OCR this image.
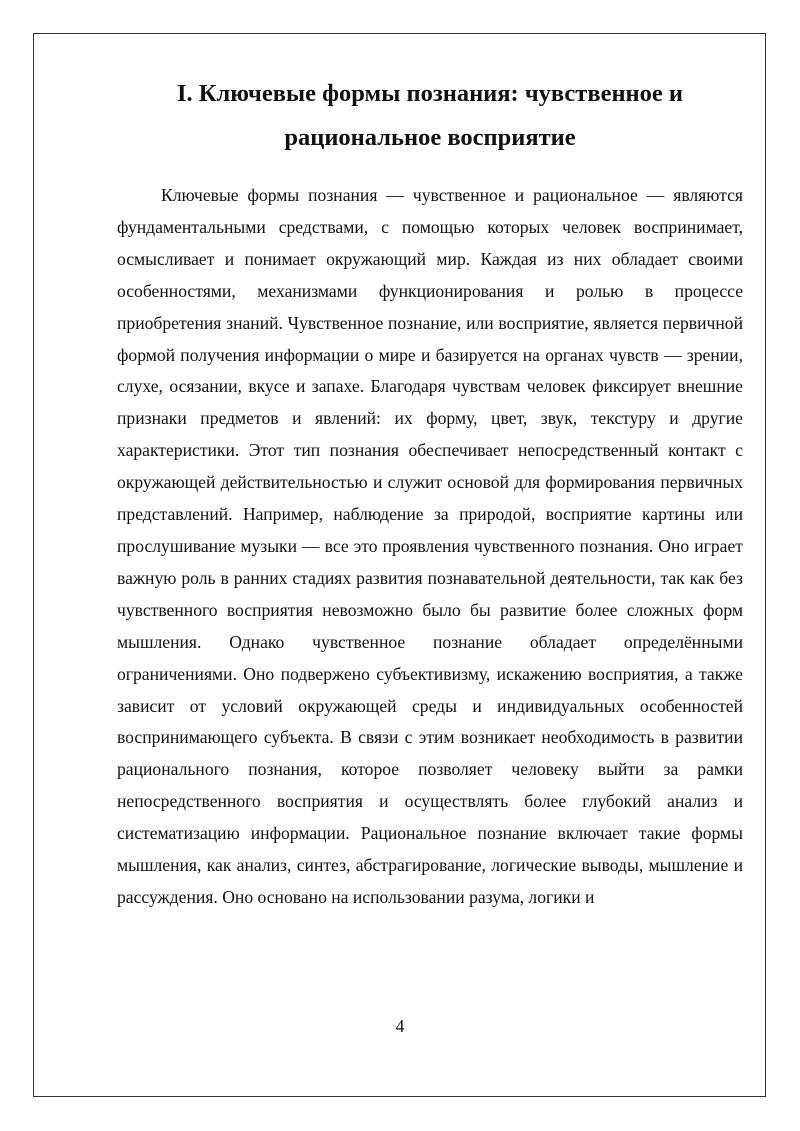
I. Ключевые формы познания: чувственное и
рациональное восприятие

Ключевые формы познания — чувственное и рациональное — являются фундаментальными средствами, с помощью которых человек воспринимает, осмысливает и понимает окружающий мир. Каждая из них обладает своими особенностями, механизмами функционирования и ролью в процессе приобретения знаний. Чувственное познание, или восприятие, является первичной формой получения информации о мире и базируется на органах чувств — зрении, слухе, осязании, вкусе и запахе. Благодаря чувствам человек фиксирует внешние признаки предметов и явлений: их форму, цвет, звук, текстуру и другие характеристики. Этот тип познания обеспечивает непосредственный контакт с окружающей действительностью и служит основой для формирования первичных представлений. Например, наблюдение за природой, восприятие картины или прослушивание музыки — все это проявления чувственного познания. Оно играет важную роль в ранних стадиях развития познавательной деятельности, так как без чувственного восприятия невозможно было бы развитие более сложных форм мышления. Однако чувственное познание обладает определёнными ограничениями. Оно подвержено субъективизму, искажению восприятия, а также зависит от условий окружающей среды и индивидуальных особенностей воспринимающего субъекта. В связи с этим возникает необходимость в развитии рационального познания, которое позволяет человеку выйти за рамки непосредственного восприятия и осуществлять более глубокий анализ и систематизацию информации. Рациональное познание включает такие формы мышления, как анализ, синтез, абстрагирование, логические выводы, мышление и рассуждения. Оно основано на использовании разума, логики и

4
